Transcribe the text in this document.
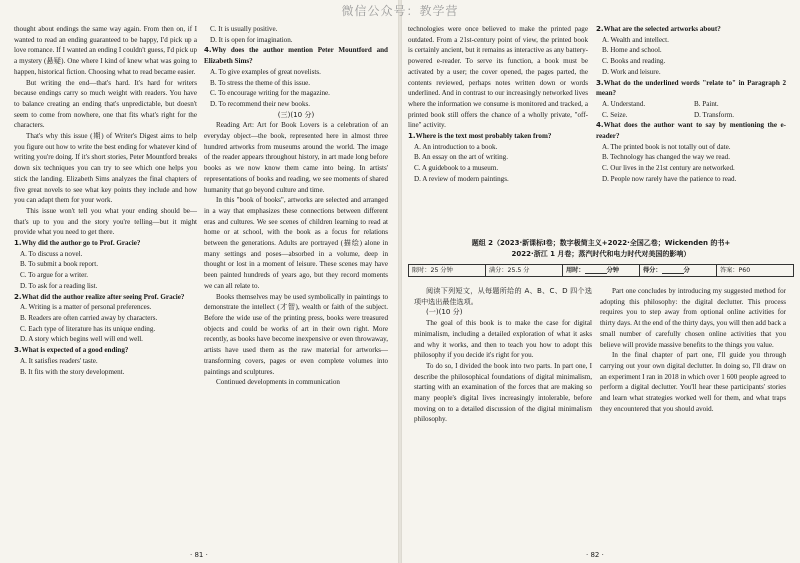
微信公众号：教学营

thought about endings the same way again. From then on, if I wanted to read an ending guaranteed to be happy, I'd pick up a love romance. If I wanted an ending I couldn't guess, I'd pick up a mystery (悬疑). One where I kind of knew what was going to happen, historical fiction. Choosing what to read became easier.

But writing the end—that's hard. It's hard for writers because endings carry so much weight with readers. You have to balance creating an ending that's unpredictable, but doesn't seem to come from nowhere, one that fits what's right for the characters.

That's why this issue (期) of Writer's Digest aims to help you figure out how to write the best ending for whatever kind of writing you're doing. If it's short stories, Peter Mountford breaks down six techniques you can try to see which one helps you stick the landing. Elizabeth Sims analyzes the final chapters of five great novels to see what key points they include and how you can adapt them for your work.

This issue won't tell you what your ending should be—that's up to you and the story you're telling—but it might provide what you need to get there.

1.Why did the author go to Prof. Gracie?

A. To discuss a novel.

B. To submit a book report.

C. To argue for a writer.

D. To ask for a reading list.

2.What did the author realize after seeing Prof. Gracie?

A. Writing is a matter of personal preferences.

B. Readers are often carried away by characters.

C. Each type of literature has its unique ending.

D. A story which begins well will end well.

3.What is expected of a good ending?

A. It satisfies readers' taste.

B. It fits with the story development.

C. It is usually positive.

D. It is open for imagination.

4.Why does the author mention Peter Mountford and Elizabeth Sims?

A. To give examples of great novelists.

B. To stress the theme of this issue.

C. To encourage writing for the magazine.

D. To recommend their new books.

(三)(10 分)

Reading Art: Art for Book Lovers is a celebration of an everyday object—the book, represented here in almost three hundred artworks from museums around the world. The image of the reader appears throughout history, in art made long before books as we now know them came into being. In artists' representations of books and reading, we see moments of shared humanity that go beyond culture and time.

In this "book of books", artworks are selected and arranged in a way that emphasizes these connections between different eras and cultures. We see scenes of children learning to read at home or at school, with the book as a focus for relations between the generations. Adults are portrayed (描绘) alone in many settings and poses—absorbed in a volume, deep in thought or lost in a moment of leisure. These scenes may have been painted hundreds of years ago, but they record moments we can all relate to.

Books themselves may be used symbolically in paintings to demonstrate the intellect (才智), wealth or faith of the subject. Before the wide use of the printing press, books were treasured objects and could be works of art in their own right. More recently, as books have become inexpensive or even throwaway, artists have used them as the raw material for artworks—transforming covers, pages or even complete volumes into paintings and sculptures.

Continued developments in communication

technologies were once believed to make the printed page outdated. From a 21st-century point of view, the printed book is certainly ancient, but it remains as interactive as any battery-powered e-reader. To serve its function, a book must be activated by a user; the cover opened, the pages parted, the contents reviewed, perhaps notes written down or words underlined. And in contrast to our increasingly networked lives where the information we consume is monitored and tracked, a printed book still offers the chance of a wholly private, "off-line" activity.

1.Where is the text most probably taken from?

A. An introduction to a book.

B. An essay on the art of writing.

C. A guidebook to a museum.

D. A review of modern paintings.

2.What are the selected artworks about?

A. Wealth and intellect.

B. Home and school.

C. Books and reading.

D. Work and leisure.

3.What do the underlined words "relate to" in Paragraph 2 mean?

A. Understand.	B. Paint.
C. Seize.	D. Transform.

4.What does the author want to say by mentioning the e-reader?

A. The printed book is not totally out of date.

B. Technology has changed the way we read.

C. Our lives in the 21st century are networked.

D. People now rarely have the patience to read.

题组 2（2023·新课标Ⅰ卷；数字极简主义+2022·全国乙卷；Wickenden 的书+
2022·浙江 1 月卷；蒸汽时代和电力时代对美国的影响）
限时：25 分钟	满分：25.5 分	用时：	分钟	得分：	分	答案：P60

阅读下列短文，从每题所给的 A、B、C、D 四个选项中选出最佳选项。

(一)(10 分)

The goal of this book is to make the case for digital minimalism, including a detailed exploration of what it asks and why it works, and then to teach you how to adopt this philosophy if you decide it's right for you.

To do so, I divided the book into two parts. In part one, I describe the philosophical foundations of digital minimalism, starting with an examination of the forces that are making so many people's digital lives increasingly intolerable, before moving on to a detailed discussion of the digital minimalism philosophy.

Part one concludes by introducing my suggested method for adopting this philosophy: the digital declutter. This process requires you to step away from optional online activities for thirty days. At the end of the thirty days, you will then add back a small number of carefully chosen online activities that you believe will provide massive benefits to the things you value.

In the final chapter of part one, I'll guide you through carrying out your own digital declutter. In doing so, I'll draw on an experiment I ran in 2018 in which over 1 600 people agreed to perform a digital declutter. You'll hear these participants' stories and learn what strategies worked well for them, and what traps they encountered that you should avoid.

· 81 ·	· 82 ·
